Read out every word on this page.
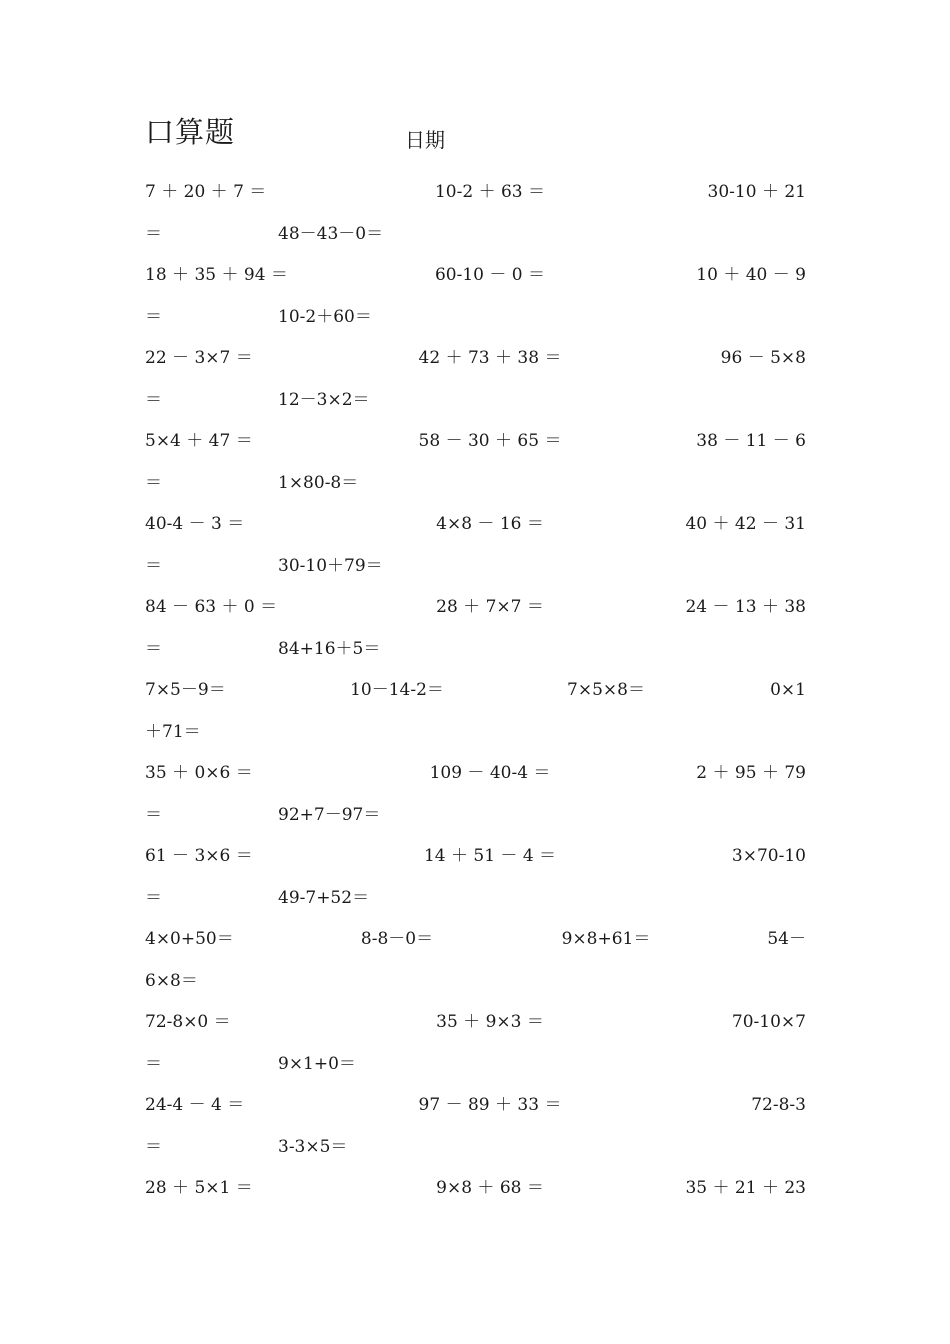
口算题	日期
7 ＋ 20 ＋ 7 ＝	10-2 ＋ 63 ＝	30-10 ＋ 21
＝	48－43－0＝
18 ＋ 35 ＋ 94 ＝	60-10 － 0 ＝	10 ＋ 40 － 9
＝	10-2＋60＝
22 － 3×7 ＝	42 ＋ 73 ＋ 38 ＝	96 － 5×8
＝	12－3×2＝
5×4 ＋ 47 ＝	58 － 30 ＋ 65 ＝	38 － 11 － 6
＝	1×80-8＝
40-4 － 3 ＝	4×8 － 16 ＝	40 ＋ 42 － 31
＝	30-10＋79＝
84 － 63 ＋ 0 ＝	28 ＋ 7×7 ＝	24 － 13 ＋ 38
＝	84+16＋5＝
7×5－9＝	10－14-2＝	7×5×8＝	0×1
＋71＝
35 ＋ 0×6 ＝	109 － 40-4 ＝	2 ＋ 95 ＋ 79
＝	92+7－97＝
61 － 3×6 ＝	14 ＋ 51 － 4 ＝	3×70-10
＝	49-7+52＝
4×0+50＝	8-8－0＝	9×8+61＝	54－
6×8＝
72-8×0 ＝	35 ＋ 9×3 ＝	70-10×7
＝	9×1+0＝
24-4 － 4 ＝	97 － 89 ＋ 33 ＝	72-8-3
＝	3-3×5＝
28 ＋ 5×1 ＝	9×8 ＋ 68 ＝	35 ＋ 21 ＋ 23
